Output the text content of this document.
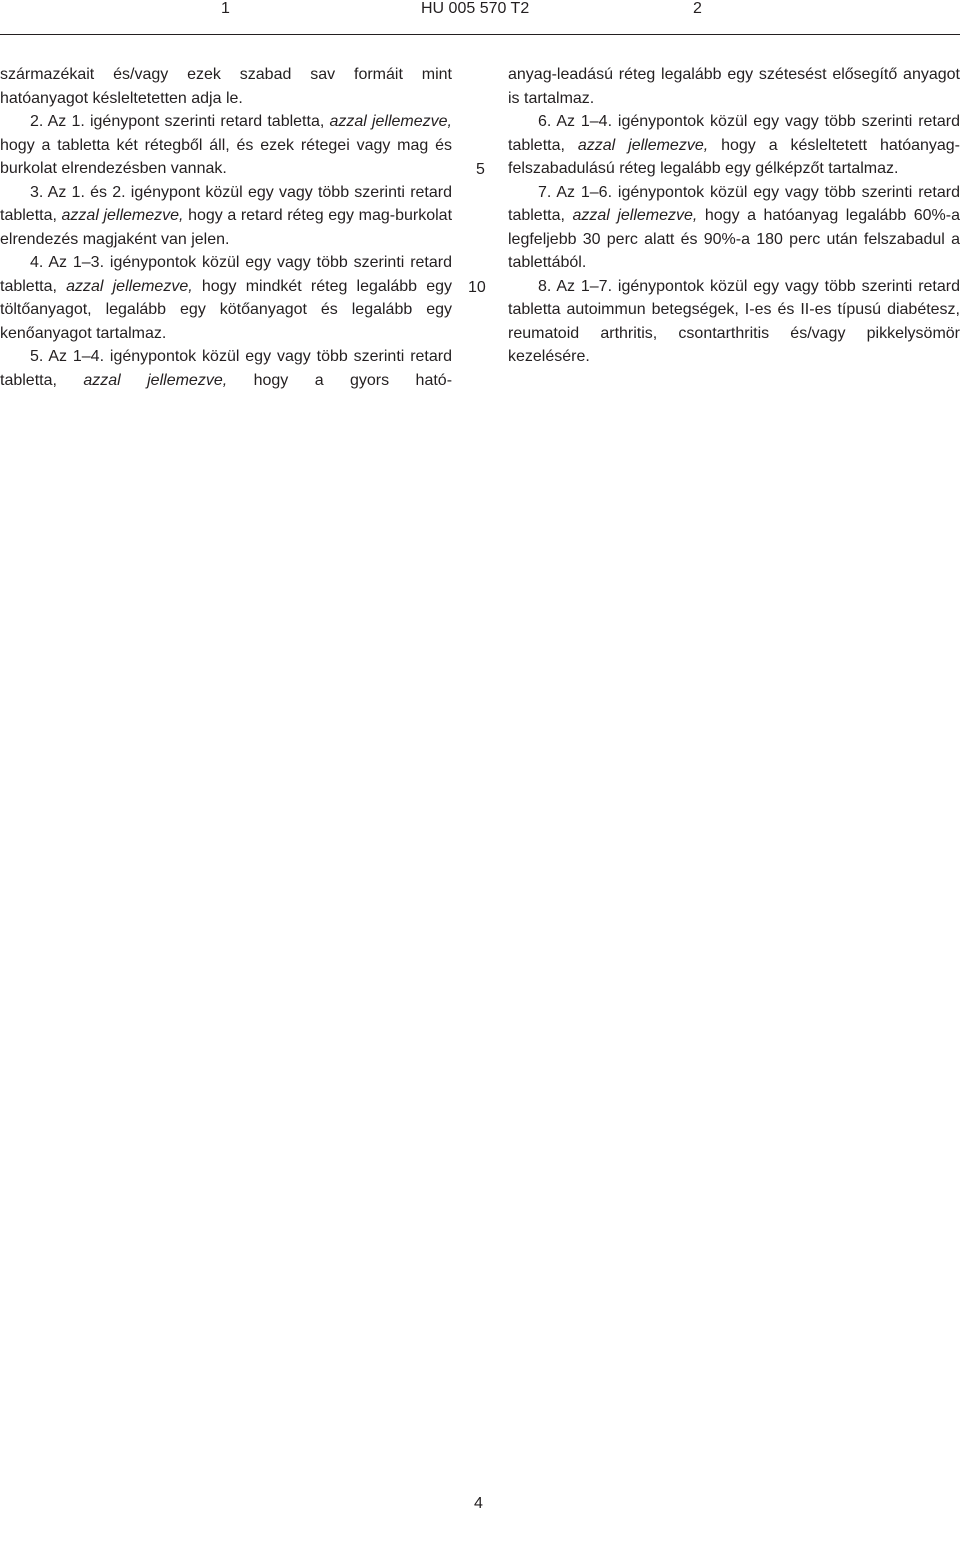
1	HU 005 570 T2	2

származékait és/vagy ezek szabad sav formáit mint hatóanyagot késleltetetten adja le.

2. Az 1. igénypont szerinti retard tabletta, azzal jellemezve, hogy a tabletta két rétegből áll, és ezek rétegei vagy mag és burkolat elrendezésben vannak.

3. Az 1. és 2. igénypont közül egy vagy több szerinti retard tabletta, azzal jellemezve, hogy a retard réteg egy mag-burkolat elrendezés magjaként van jelen.

4. Az 1–3. igénypontok közül egy vagy több szerinti retard tabletta, azzal jellemezve, hogy mindkét réteg legalább egy töltőanyagot, legalább egy kötőanyagot és legalább egy kenőanyagot tartalmaz.

5. Az 1–4. igénypontok közül egy vagy több szerinti retard tabletta, azzal jellemezve, hogy a gyors ható-

5
10

anyag-leadású réteg legalább egy szétesést elősegítő anyagot is tartalmaz.

6. Az 1–4. igénypontok közül egy vagy több szerinti retard tabletta, azzal jellemezve, hogy a késleltetett hatóanyag-felszabadulású réteg legalább egy gélképzőt tartalmaz.

7. Az 1–6. igénypontok közül egy vagy több szerinti retard tabletta, azzal jellemezve, hogy a hatóanyag legalább 60%-a legfeljebb 30 perc alatt és 90%-a 180 perc után felszabadul a tablettából.

8. Az 1–7. igénypontok közül egy vagy több szerinti retard tabletta autoimmun betegségek, I-es és II-es típusú diabétesz, reumatoid arthritis, csontarthritis és/vagy pikkelysömör kezelésére.

4
